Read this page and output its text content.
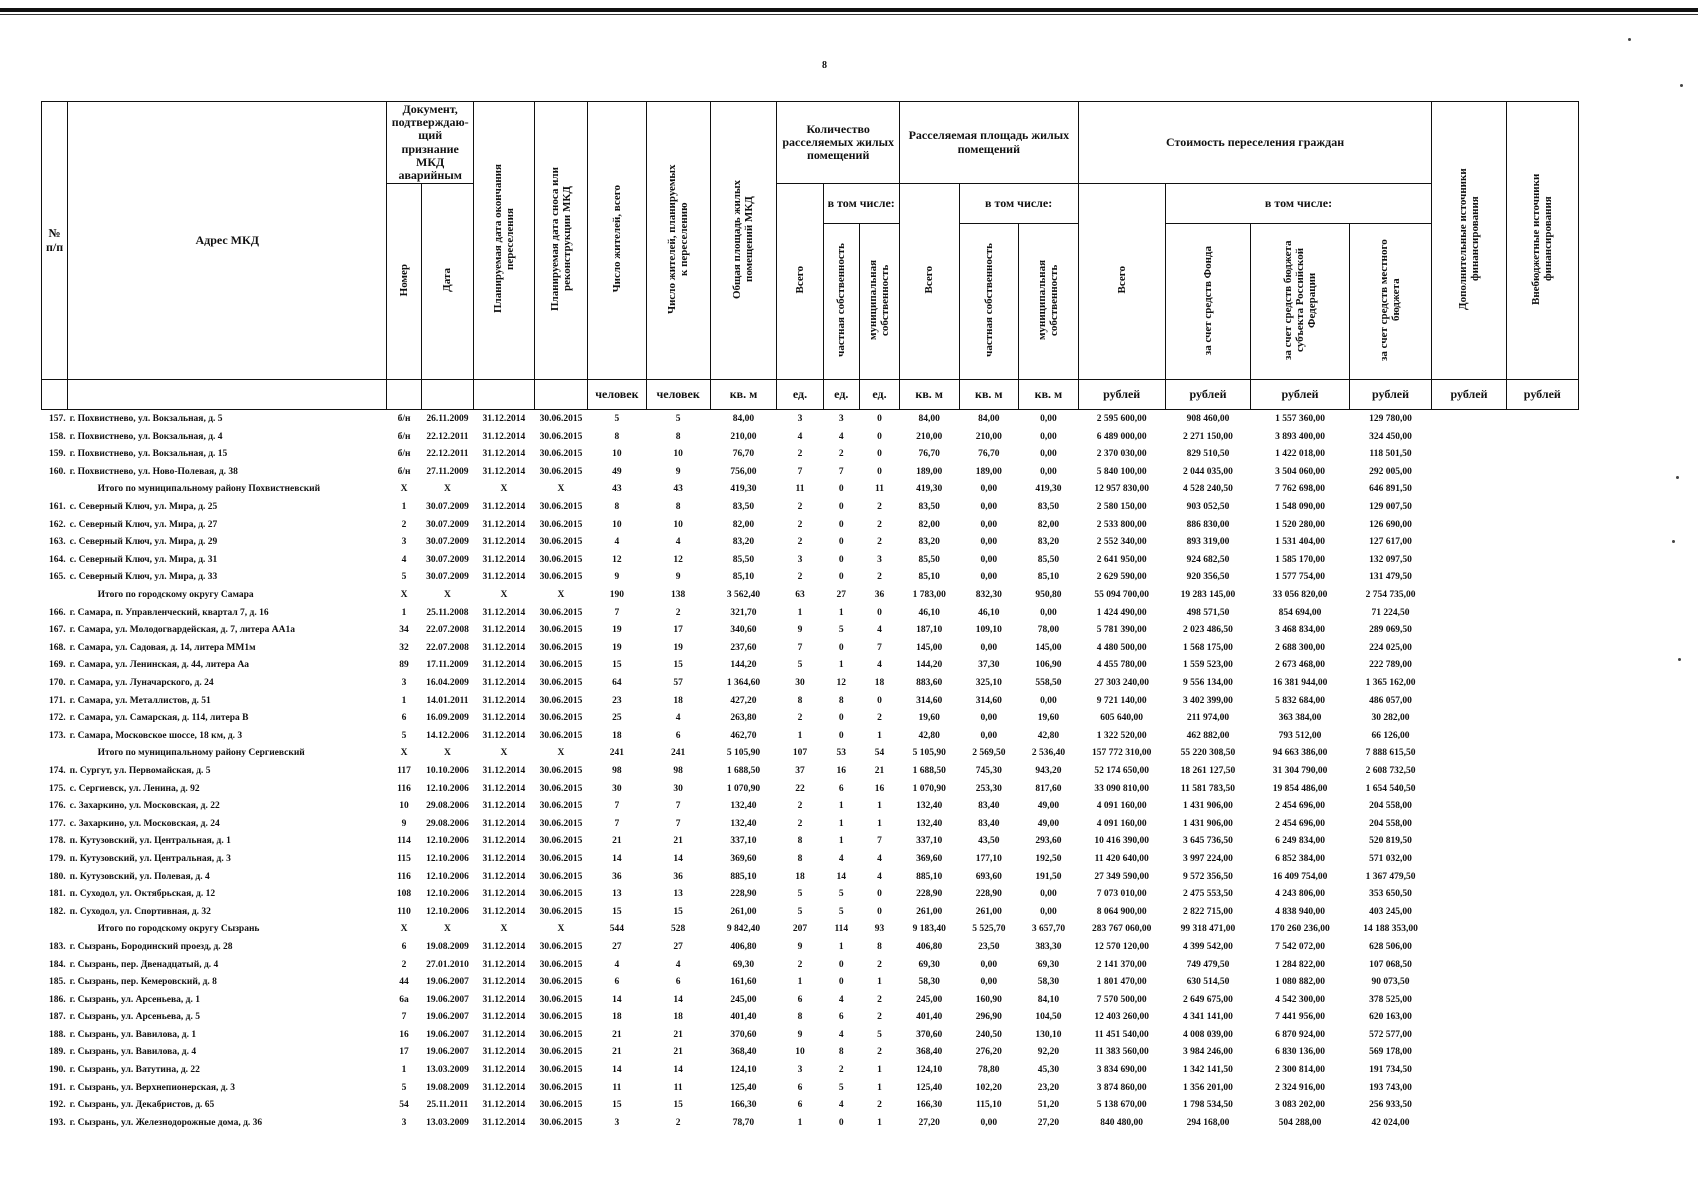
8
№ п/п	Адрес МКД	Документ, подтверждаю- щий признание МКД аварийным		Планируемая дата окончания переселения	Планируемая дата сноса или реконструкции МКД	Число жителей, всего	Число жителей, планируемых к переселению	Общая площадь жилых помещений МКД	Количество расселяемых жилых помещений			Расселяемая площадь жилых помещений			Стоимость переселения граждан				Дополнительные источники финансирования	Внебюджетные источники финансирования
		Номер	Дата						Всего	в том числе:		Всего	в том числе:		Всего	в том числе:				
										частная собственность	муниципальная собственность		частная собственность	муниципальная собственность		за счет средств Фонда	за счет средств бюджета субъекта Российской Федерации	за счет средств местного бюджета		
						человек	человек	кв. м	ед.	ед.	ед.	кв. м	кв. м	кв. м	рублей	рублей	рублей	рублей	рублей	рублей
157.	г. Похвистнево, ул. Вокзальная, д. 5	б/н	26.11.2009	31.12.2014	30.06.2015	5	5	84,00	3	3	0	84,00	84,00	0,00	2 595 600,00	908 460,00	1 557 360,00	129 780,00		
158.	г. Похвистнево, ул. Вокзальная, д. 4	б/н	22.12.2011	31.12.2014	30.06.2015	8	8	210,00	4	4	0	210,00	210,00	0,00	6 489 000,00	2 271 150,00	3 893 400,00	324 450,00		
159.	г. Похвистнево, ул. Вокзальная, д. 15	б/н	22.12.2011	31.12.2014	30.06.2015	10	10	76,70	2	2	0	76,70	76,70	0,00	2 370 030,00	829 510,50	1 422 018,00	118 501,50		
160.	г. Похвистнево, ул. Ново-Полевая, д. 38	б/н	27.11.2009	31.12.2014	30.06.2015	49	9	756,00	7	7	0	189,00	189,00	0,00	5 840 100,00	2 044 035,00	3 504 060,00	292 005,00		
	Итого по муниципальному району Похвистневский	X	X	X	X	43	43	419,30	11	0	11	419,30	0,00	419,30	12 957 830,00	4 528 240,50	7 762 698,00	646 891,50		
161.	с. Северный Ключ, ул. Мира, д. 25	1	30.07.2009	31.12.2014	30.06.2015	8	8	83,50	2	0	2	83,50	0,00	83,50	2 580 150,00	903 052,50	1 548 090,00	129 007,50		
162.	с. Северный Ключ, ул. Мира, д. 27	2	30.07.2009	31.12.2014	30.06.2015	10	10	82,00	2	0	2	82,00	0,00	82,00	2 533 800,00	886 830,00	1 520 280,00	126 690,00		
163.	с. Северный Ключ, ул. Мира, д. 29	3	30.07.2009	31.12.2014	30.06.2015	4	4	83,20	2	0	2	83,20	0,00	83,20	2 552 340,00	893 319,00	1 531 404,00	127 617,00		
164.	с. Северный Ключ, ул. Мира, д. 31	4	30.07.2009	31.12.2014	30.06.2015	12	12	85,50	3	0	3	85,50	0,00	85,50	2 641 950,00	924 682,50	1 585 170,00	132 097,50		
165.	с. Северный Ключ, ул. Мира, д. 33	5	30.07.2009	31.12.2014	30.06.2015	9	9	85,10	2	0	2	85,10	0,00	85,10	2 629 590,00	920 356,50	1 577 754,00	131 479,50		
	Итого по городскому округу Самара	X	X	X	X	190	138	3 562,40	63	27	36	1 783,00	832,30	950,80	55 094 700,00	19 283 145,00	33 056 820,00	2 754 735,00		
166.	г. Самара, п. Управленческий, квартал 7, д. 16	1	25.11.2008	31.12.2014	30.06.2015	7	2	321,70	1	1	0	46,10	46,10	0,00	1 424 490,00	498 571,50	854 694,00	71 224,50		
167.	г. Самара, ул. Молодогвардейская, д. 7, литера АА1а	34	22.07.2008	31.12.2014	30.06.2015	19	17	340,60	9	5	4	187,10	109,10	78,00	5 781 390,00	2 023 486,50	3 468 834,00	289 069,50		
168.	г. Самара, ул. Садовая, д. 14, литера ММ1м	32	22.07.2008	31.12.2014	30.06.2015	19	19	237,60	7	0	7	145,00	0,00	145,00	4 480 500,00	1 568 175,00	2 688 300,00	224 025,00		
169.	г. Самара, ул. Ленинская, д. 44, литера Аа	89	17.11.2009	31.12.2014	30.06.2015	15	15	144,20	5	1	4	144,20	37,30	106,90	4 455 780,00	1 559 523,00	2 673 468,00	222 789,00		
170.	г. Самара, ул. Луначарского, д. 24	3	16.04.2009	31.12.2014	30.06.2015	64	57	1 364,60	30	12	18	883,60	325,10	558,50	27 303 240,00	9 556 134,00	16 381 944,00	1 365 162,00		
171.	г. Самара, ул. Металлистов, д. 51	1	14.01.2011	31.12.2014	30.06.2015	23	18	427,20	8	8	0	314,60	314,60	0,00	9 721 140,00	3 402 399,00	5 832 684,00	486 057,00		
172.	г. Самара, ул. Самарская, д. 114, литера В	6	16.09.2009	31.12.2014	30.06.2015	25	4	263,80	2	0	2	19,60	0,00	19,60	605 640,00	211 974,00	363 384,00	30 282,00		
173.	г. Самара, Московское шоссе, 18 км, д. 3	5	14.12.2006	31.12.2014	30.06.2015	18	6	462,70	1	0	1	42,80	0,00	42,80	1 322 520,00	462 882,00	793 512,00	66 126,00		
	Итого по муниципальному району Сергиевский	X	X	X	X	241	241	5 105,90	107	53	54	5 105,90	2 569,50	2 536,40	157 772 310,00	55 220 308,50	94 663 386,00	7 888 615,50		
174.	п. Сургут, ул. Первомайская, д. 5	117	10.10.2006	31.12.2014	30.06.2015	98	98	1 688,50	37	16	21	1 688,50	745,30	943,20	52 174 650,00	18 261 127,50	31 304 790,00	2 608 732,50		
175.	с. Сергиевск, ул. Ленина, д. 92	116	12.10.2006	31.12.2014	30.06.2015	30	30	1 070,90	22	6	16	1 070,90	253,30	817,60	33 090 810,00	11 581 783,50	19 854 486,00	1 654 540,50		
176.	с. Захаркино, ул. Московская, д. 22	10	29.08.2006	31.12.2014	30.06.2015	7	7	132,40	2	1	1	132,40	83,40	49,00	4 091 160,00	1 431 906,00	2 454 696,00	204 558,00		
177.	с. Захаркино, ул. Московская, д. 24	9	29.08.2006	31.12.2014	30.06.2015	7	7	132,40	2	1	1	132,40	83,40	49,00	4 091 160,00	1 431 906,00	2 454 696,00	204 558,00		
178.	п. Кутузовский, ул. Центральная, д. 1	114	12.10.2006	31.12.2014	30.06.2015	21	21	337,10	8	1	7	337,10	43,50	293,60	10 416 390,00	3 645 736,50	6 249 834,00	520 819,50		
179.	п. Кутузовский, ул. Центральная, д. 3	115	12.10.2006	31.12.2014	30.06.2015	14	14	369,60	8	4	4	369,60	177,10	192,50	11 420 640,00	3 997 224,00	6 852 384,00	571 032,00		
180.	п. Кутузовский, ул. Полевая, д. 4	116	12.10.2006	31.12.2014	30.06.2015	36	36	885,10	18	14	4	885,10	693,60	191,50	27 349 590,00	9 572 356,50	16 409 754,00	1 367 479,50		
181.	п. Суходол, ул. Октябрьская, д. 12	108	12.10.2006	31.12.2014	30.06.2015	13	13	228,90	5	5	0	228,90	228,90	0,00	7 073 010,00	2 475 553,50	4 243 806,00	353 650,50		
182.	п. Суходол, ул. Спортивная, д. 32	110	12.10.2006	31.12.2014	30.06.2015	15	15	261,00	5	5	0	261,00	261,00	0,00	8 064 900,00	2 822 715,00	4 838 940,00	403 245,00		
	Итого по городскому округу Сызрань	X	X	X	X	544	528	9 842,40	207	114	93	9 183,40	5 525,70	3 657,70	283 767 060,00	99 318 471,00	170 260 236,00	14 188 353,00		
183.	г. Сызрань, Бородинский проезд, д. 28	6	19.08.2009	31.12.2014	30.06.2015	27	27	406,80	9	1	8	406,80	23,50	383,30	12 570 120,00	4 399 542,00	7 542 072,00	628 506,00		
184.	г. Сызрань, пер. Двенадцатый, д. 4	2	27.01.2010	31.12.2014	30.06.2015	4	4	69,30	2	0	2	69,30	0,00	69,30	2 141 370,00	749 479,50	1 284 822,00	107 068,50		
185.	г. Сызрань, пер. Кемеровский, д. 8	44	19.06.2007	31.12.2014	30.06.2015	6	6	161,60	1	0	1	58,30	0,00	58,30	1 801 470,00	630 514,50	1 080 882,00	90 073,50		
186.	г. Сызрань, ул. Арсеньева, д. 1	6а	19.06.2007	31.12.2014	30.06.2015	14	14	245,00	6	4	2	245,00	160,90	84,10	7 570 500,00	2 649 675,00	4 542 300,00	378 525,00		
187.	г. Сызрань, ул. Арсеньева, д. 5	7	19.06.2007	31.12.2014	30.06.2015	18	18	401,40	8	6	2	401,40	296,90	104,50	12 403 260,00	4 341 141,00	7 441 956,00	620 163,00		
188.	г. Сызрань, ул. Вавилова, д. 1	16	19.06.2007	31.12.2014	30.06.2015	21	21	370,60	9	4	5	370,60	240,50	130,10	11 451 540,00	4 008 039,00	6 870 924,00	572 577,00		
189.	г. Сызрань, ул. Вавилова, д. 4	17	19.06.2007	31.12.2014	30.06.2015	21	21	368,40	10	8	2	368,40	276,20	92,20	11 383 560,00	3 984 246,00	6 830 136,00	569 178,00		
190.	г. Сызрань, ул. Ватутина, д. 22	1	13.03.2009	31.12.2014	30.06.2015	14	14	124,10	3	2	1	124,10	78,80	45,30	3 834 690,00	1 342 141,50	2 300 814,00	191 734,50		
191.	г. Сызрань, ул. Верхнепионерская, д. 3	5	19.08.2009	31.12.2014	30.06.2015	11	11	125,40	6	5	1	125,40	102,20	23,20	3 874 860,00	1 356 201,00	2 324 916,00	193 743,00		
192.	г. Сызрань, ул. Декабристов, д. 65	54	25.11.2011	31.12.2014	30.06.2015	15	15	166,30	6	4	2	166,30	115,10	51,20	5 138 670,00	1 798 534,50	3 083 202,00	256 933,50		
193.	г. Сызрань, ул. Железнодорожные дома, д. 36	3	13.03.2009	31.12.2014	30.06.2015	3	2	78,70	1	0	1	27,20	0,00	27,20	840 480,00	294 168,00	504 288,00	42 024,00		
